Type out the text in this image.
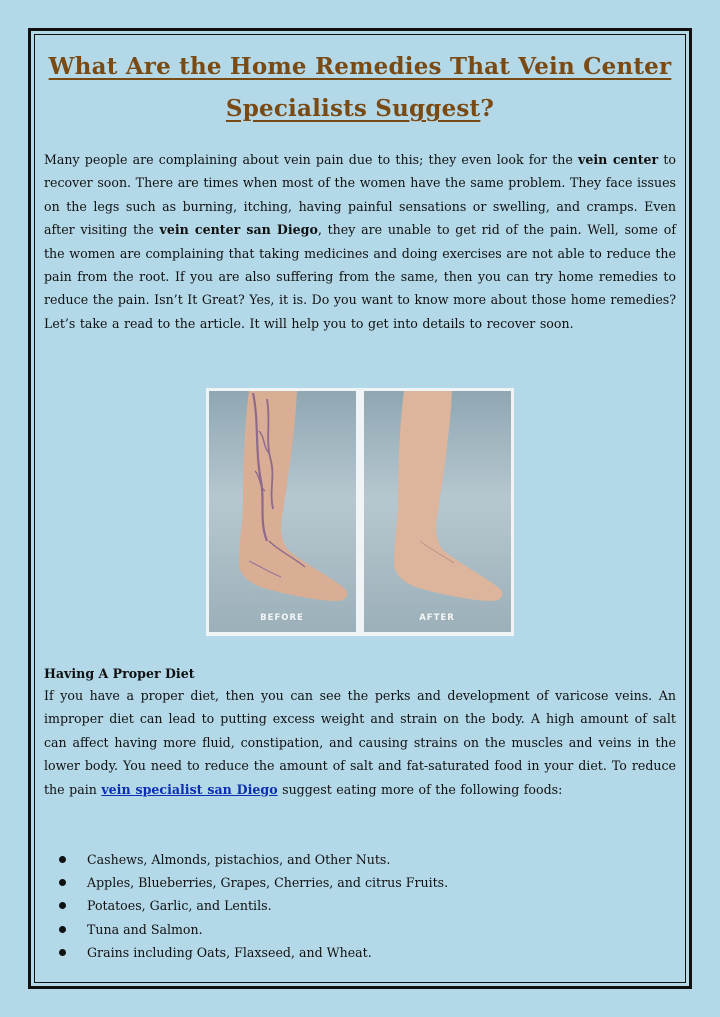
What Are the Home Remedies That Vein Center Specialists Suggest?

Many people are complaining about vein pain due to this; they even look for the vein center to recover soon. There are times when most of the women have the same problem. They face issues on the legs such as burning, itching, having painful sensations or swelling, and cramps. Even after visiting the vein center san Diego, they are unable to get rid of the pain. Well, some of the women are complaining that taking medicines and doing exercises are not able to reduce the pain from the root. If you are also suffering from the same, then you can try home remedies to reduce the pain. Isn’t It Great? Yes, it is. Do you want to know more about those home remedies? Let’s take a read to the article. It will help you to get into details to recover soon.

BEFORE	AFTER
Having A Proper Diet

If you have a proper diet, then you can see the perks and development of varicose veins. An improper diet can lead to putting excess weight and strain on the body. A high amount of salt can affect having more fluid, constipation, and causing strains on the muscles and veins in the lower body. You need to reduce the amount of salt and fat-saturated food in your diet. To reduce the pain vein specialist san Diego suggest eating more of the following foods:

Cashews, Almonds, pistachios, and Other Nuts.
Apples, Blueberries, Grapes, Cherries, and citrus Fruits.
Potatoes, Garlic, and Lentils.
Tuna and Salmon.
Grains including Oats, Flaxseed, and Wheat.
